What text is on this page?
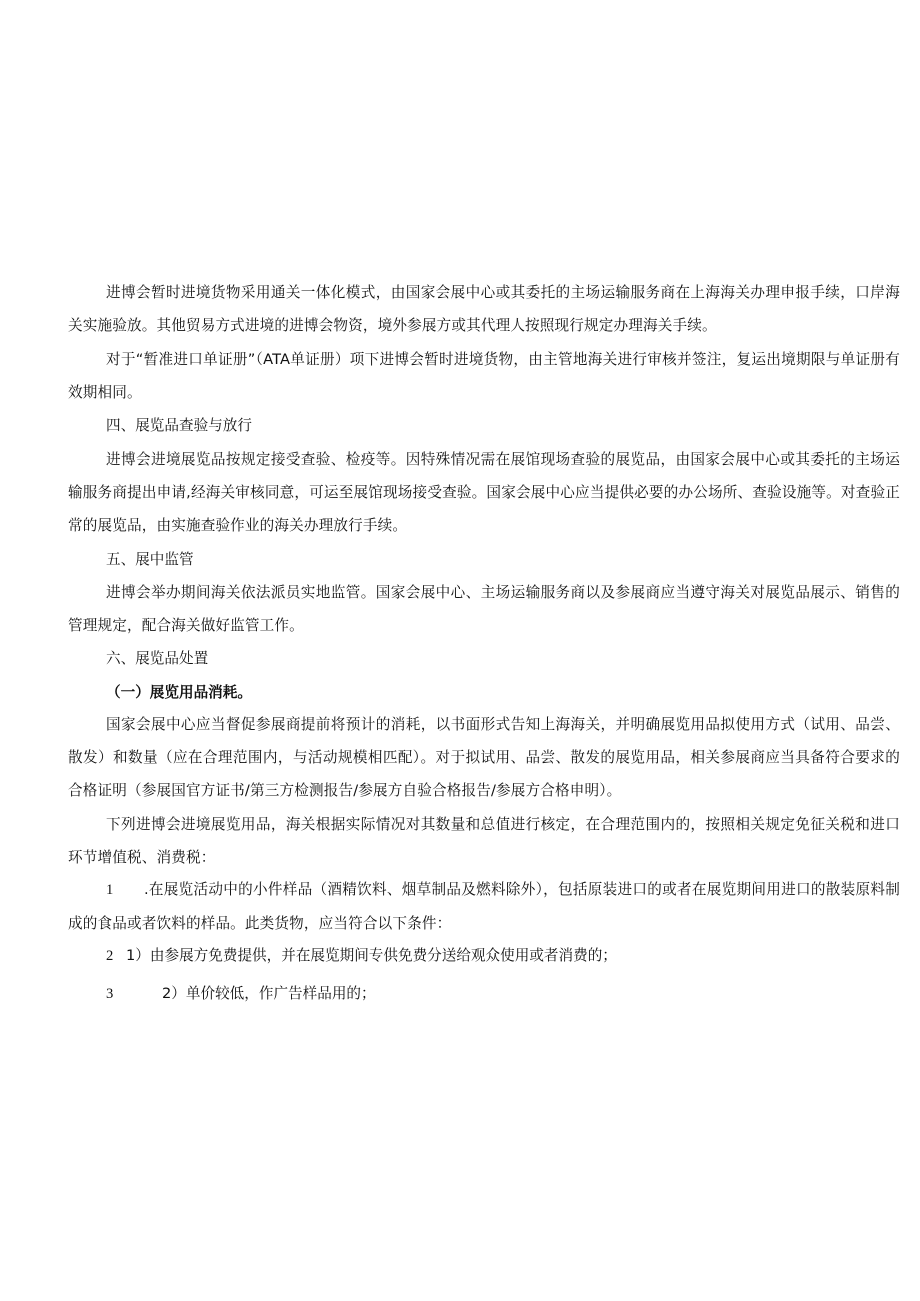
进博会暂时进境货物采用通关一体化模式，由国家会展中心或其委托的主场运输服务商在上海海关办理申报手续，口岸海关实施验放。其他贸易方式进境的进博会物资，境外参展方或其代理人按照现行规定办理海关手续。

对于“暂准进口单证册”（ATA单证册）项下进博会暂时进境货物，由主管地海关进行审核并签注，复运出境期限与单证册有效期相同。

四、展览品查验与放行

进博会进境展览品按规定接受查验、检疫等。因特殊情况需在展馆现场查验的展览品，由国家会展中心或其委托的主场运输服务商提出申请,经海关审核同意，可运至展馆现场接受查验。国家会展中心应当提供必要的办公场所、查验设施等。对查验正常的展览品，由实施查验作业的海关办理放行手续。

五、展中监管

进博会举办期间海关依法派员实地监管。国家会展中心、主场运输服务商以及参展商应当遵守海关对展览品展示、销售的管理规定，配合海关做好监管工作。

六、展览品处置

（一）展览用品消耗。

国家会展中心应当督促参展商提前将预计的消耗，以书面形式告知上海海关，并明确展览用品拟使用方式（试用、品尝、散发）和数量（应在合理范围内，与活动规模相匹配）。对于拟试用、品尝、散发的展览用品，相关参展商应当具备符合要求的合格证明（参展国官方证书/第三方检测报告/参展方自验合格报告/参展方合格申明）。

下列进博会进境展览用品，海关根据实际情况对其数量和总值进行核定，在合理范围内的，按照相关规定免征关税和进口环节增值税、消费税：

1 .在展览活动中的小件样品（酒精饮料、烟草制品及燃料除外），包括原装进口的或者在展览期间用进口的散装原料制成的食品或者饮料的样品。此类货物，应当符合以下条件：
2 1）由参展方免费提供，并在展览期间专供免费分送给观众使用或者消费的；
3	2）单价较低，作广告样品用的；
